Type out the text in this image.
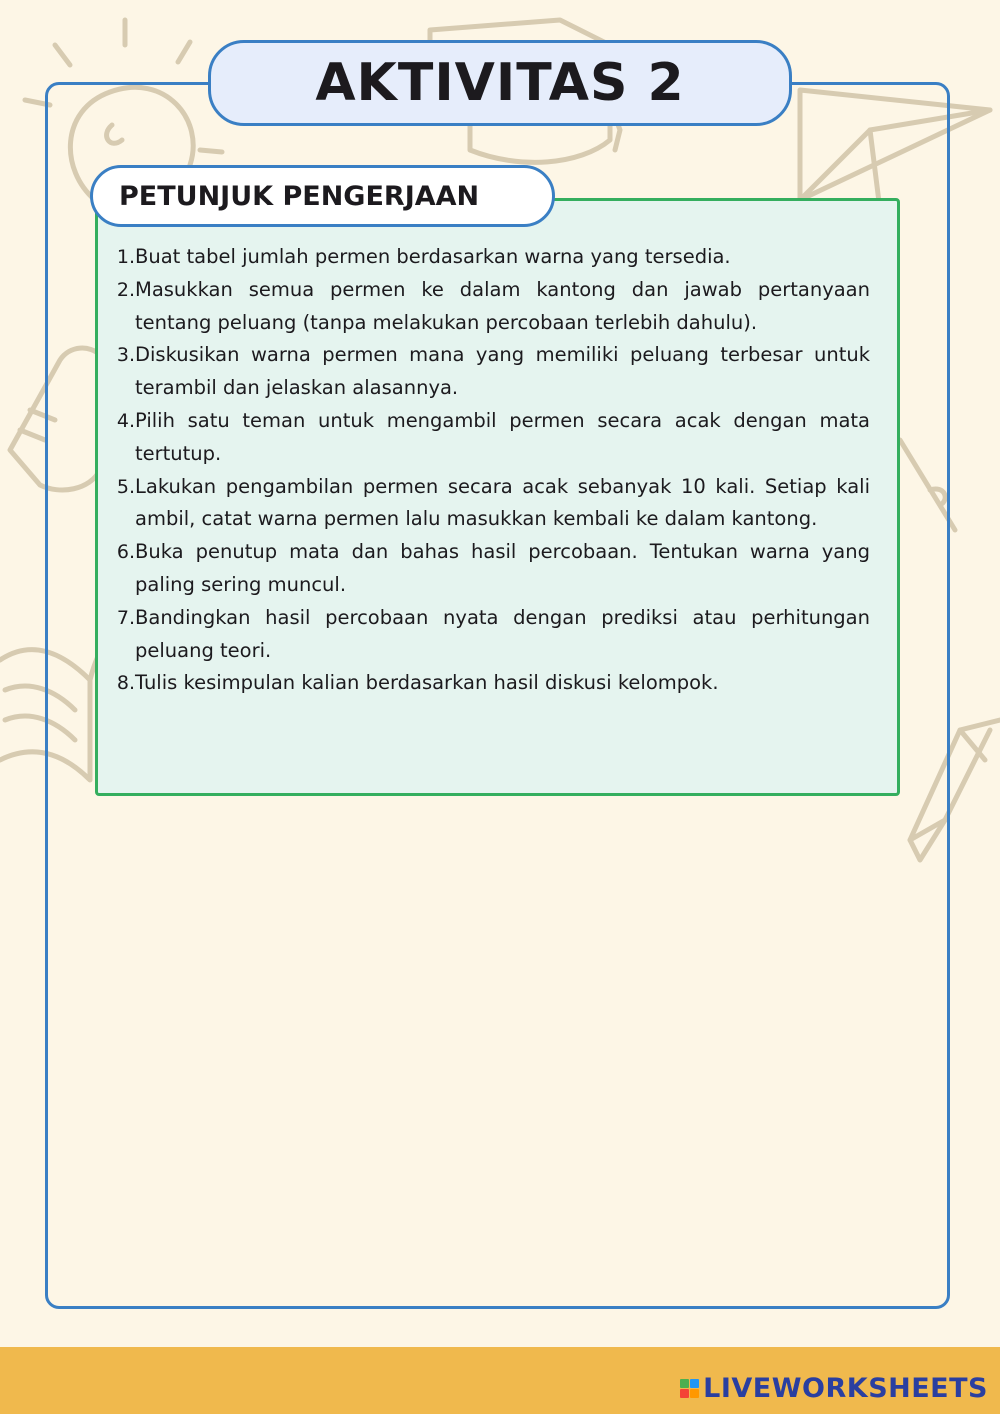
AKTIVITAS 2
PETUNJUK PENGERJAAN
1. Buat tabel jumlah permen berdasarkan warna yang tersedia.
2. Masukkan semua permen ke dalam kantong dan jawab pertanyaan tentang peluang (tanpa melakukan percobaan terlebih dahulu).
3. Diskusikan warna permen mana yang memiliki peluang terbesar untuk terambil dan jelaskan alasannya.
4. Pilih satu teman untuk mengambil permen secara acak dengan mata tertutup.
5. Lakukan pengambilan permen secara acak sebanyak 10 kali. Setiap kali ambil, catat warna permen lalu masukkan kembali ke dalam kantong.
6. Buka penutup mata dan bahas hasil percobaan. Tentukan warna yang paling sering muncul.
7. Bandingkan hasil percobaan nyata dengan prediksi atau perhitungan peluang teori.
8. Tulis kesimpulan kalian berdasarkan hasil diskusi kelompok.
LIVEWORKSHEETS
